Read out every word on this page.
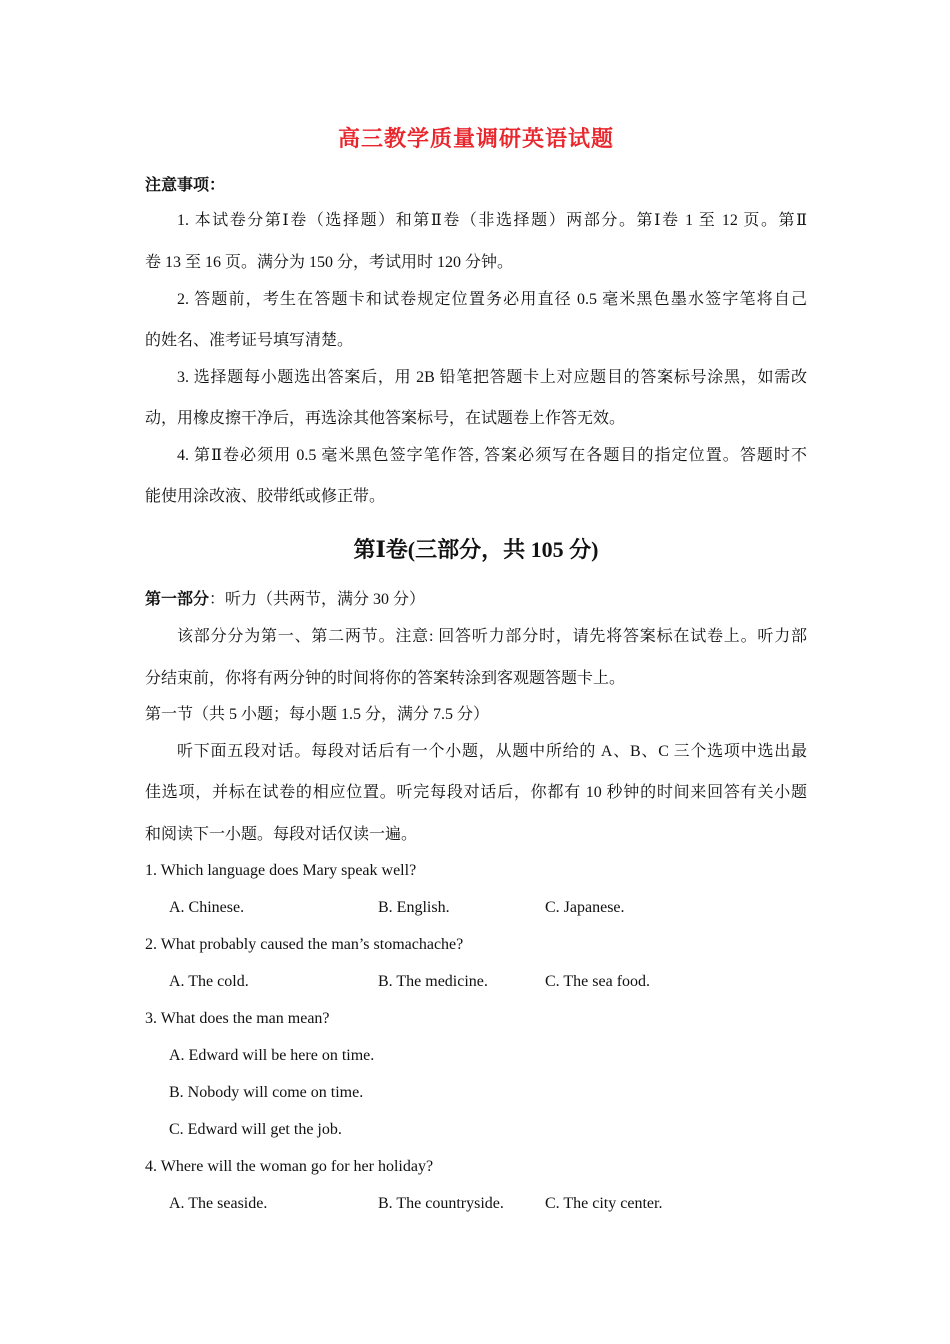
高三教学质量调研英语试题
注意事项：
1. 本试卷分第Ⅰ卷（选择题）和第Ⅱ卷（非选择题）两部分。第Ⅰ卷 1 至 12 页。第Ⅱ
卷 13 至 16 页。满分为 150 分，考试用时 120 分钟。
2. 答题前，考生在答题卡和试卷规定位置务必用直径 0.5 毫米黑色墨水签字笔将自己
的姓名、准考证号填写清楚。
3. 选择题每小题选出答案后，用 2B 铅笔把答题卡上对应题目的答案标号涂黑，如需改
动，用橡皮擦干净后，再选涂其他答案标号，在试题卷上作答无效。
4. 第Ⅱ卷必须用 0.5 毫米黑色签字笔作答, 答案必须写在各题目的指定位置。答题时不
能使用涂改液、胶带纸或修正带。
第Ⅰ卷(三部分，共 105 分)
第一部分：听力（共两节，满分 30 分）
该部分分为第一、第二两节。注意: 回答听力部分时，请先将答案标在试卷上。听力部
分结束前，你将有两分钟的时间将你的答案转涂到客观题答题卡上。
第一节（共 5 小题；每小题 1.5 分，满分 7.5 分）
听下面五段对话。每段对话后有一个小题，从题中所给的 A、B、C 三个选项中选出最
佳选项，并标在试卷的相应位置。听完每段对话后，你都有 10 秒钟的时间来回答有关小题
和阅读下一小题。每段对话仅读一遍。
1. Which language does Mary speak well?
A. Chinese.	B. English.	C. Japanese.
2. What probably caused the man’s stomachache?
A. The cold.	B. The medicine.	C. The sea food.
3. What does the man mean?
A. Edward will be here on time.
B. Nobody will come on time.
C. Edward will get the job.
4. Where will the woman go for her holiday?
A. The seaside.	B. The countryside.	C. The city center.
